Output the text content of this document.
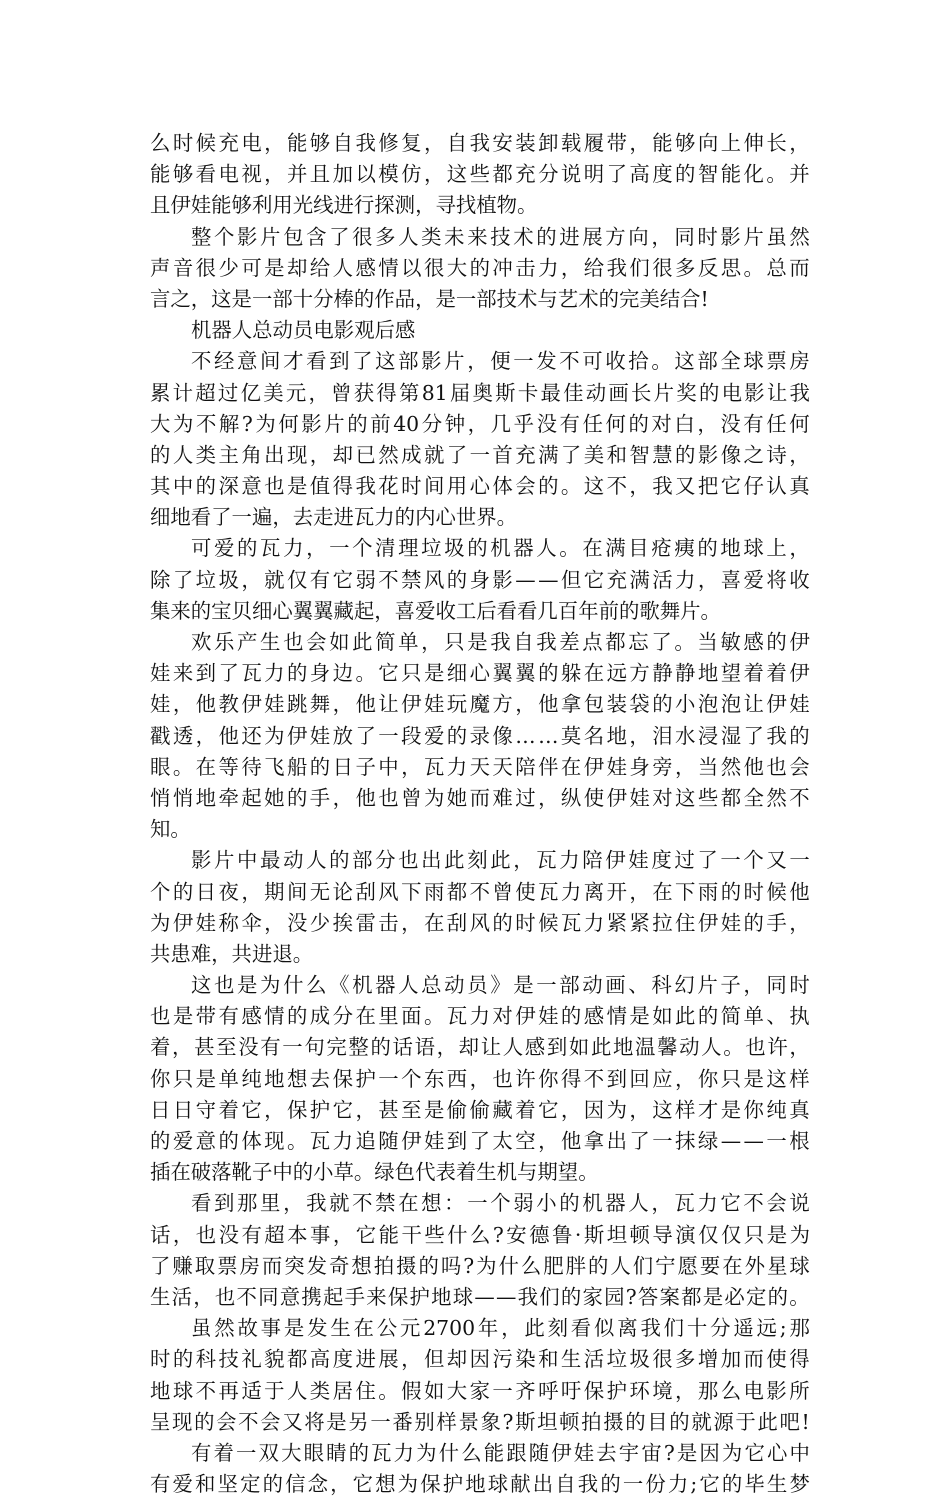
么 时 候 充 电 ， 能 够 自 我 修 复 ， 自 我 安 装 卸 载 履 带 ， 能 够 向 上 伸 长 ，
能 够 看 电 视 ， 并 且 加 以 模 仿 ， 这 些 都 充 分 说 明 了 高 度 的 智 能 化 。 并
且伊娃能够利用光线进行探测，寻找植物。
整 个 影 片 包 含 了 很 多 人 类 未 来 技 术 的 进 展 方 向 ， 同 时 影 片 虽 然
声 音 很 少 可 是 却 给 人 感 情 以 很 大 的 冲 击 力 ， 给 我 们 很 多 反 思 。 总 而
言之，这是一部十分棒的作品，是一部技术与艺术的完美结合!
机器人总动员电影观后感
不 经 意 间 才 看 到 了 这 部 影 片 ， 便 一 发 不 可 收 拾 。 这 部 全 球 票 房
累 计 超 过 亿 美 元 ， 曾 获 得 第 81 届 奥 斯 卡 最 佳 动 画 长 片 奖 的 电 影 让 我
大 为 不 解 ? 为 何 影 片 的 前 40 分 钟 ， 几 乎 没 有 任 何 的 对 白 ， 没 有 任 何
的 人 类 主 角 出 现 ， 却 已 然 成 就 了 一 首 充 满 了 美 和 智 慧 的 影 像 之 诗 ，
其 中 的 深 意 也 是 值 得 我 花 时 间 用 心 体 会 的 。 这 不 ， 我 又 把 它 仔 认 真
细地看了一遍，去走进瓦力的内心世界。
可 爱 的 瓦 力 ， 一 个 清 理 垃 圾 的 机 器 人 。 在 满 目 疮 痍 的 地 球 上 ，
除 了 垃 圾 ， 就 仅 有 它 弱 不 禁 风 的 身 影 — — 但 它 充 满 活 力 ， 喜 爱 将 收
集来的宝贝细心翼翼藏起，喜爱收工后看看几百年前的歌舞片。
欢 乐 产 生 也 会 如 此 简 单 ， 只 是 我 自 我 差 点 都 忘 了 。 当 敏 感 的 伊
娃 来 到 了 瓦 力 的 身 边 。 它 只 是 细 心 翼 翼 的 躲 在 远 方 静 静 地 望 着 着 伊
娃 ， 他 教 伊 娃 跳 舞 ， 他 让 伊 娃 玩 魔 方 ， 他 拿 包 装 袋 的 小 泡 泡 让 伊 娃
戳 透 ， 他 还 为 伊 娃 放 了 一 段 爱 的 录 像 … … 莫 名 地 ， 泪 水 浸 湿 了 我 的
眼 。 在 等 待 飞 船 的 日 子 中 ， 瓦 力 天 天 陪 伴 在 伊 娃 身 旁 ， 当 然 他 也 会
悄 悄 地 牵 起 她 的 手 ， 他 也 曾 为 她 而 难 过 ， 纵 使 伊 娃 对 这 些 都 全 然 不
知。
影 片 中 最 动 人 的 部 分 也 出 此 刻 此 ， 瓦 力 陪 伊 娃 度 过 了 一 个 又 一
个 的 日 夜 ， 期 间 无 论 刮 风 下 雨 都 不 曾 使 瓦 力 离 开 ， 在 下 雨 的 时 候 他
为 伊 娃 称 伞 ， 没 少 挨 雷 击 ， 在 刮 风 的 时 候 瓦 力 紧 紧 拉 住 伊 娃 的 手 ，
共患难，共进退。
这 也 是 为 什 么 《 机 器 人 总 动 员 》 是 一 部 动 画 、 科 幻 片 子 ， 同 时
也 是 带 有 感 情 的 成 分 在 里 面 。 瓦 力 对 伊 娃 的 感 情 是 如 此 的 简 单 、 执
着 ， 甚 至 没 有 一 句 完 整 的 话 语 ， 却 让 人 感 到 如 此 地 温 馨 动 人 。 也 许 ，
你 只 是 单 纯 地 想 去 保 护 一 个 东 西 ， 也 许 你 得 不 到 回 应 ， 你 只 是 这 样
日 日 守 着 它 ， 保 护 它 ， 甚 至 是 偷 偷 藏 着 它 ， 因 为 ， 这 样 才 是 你 纯 真
的 爱 意 的 体 现 。 瓦 力 追 随 伊 娃 到 了 太 空 ， 他 拿 出 了 一 抹 绿 — — 一 根
插在破落靴子中的小草。绿色代表着生机与期望。
看 到 那 里 ， 我 就 不 禁 在 想 ： 一 个 弱 小 的 机 器 人 ， 瓦 力 它 不 会 说
话 ， 也 没 有 超 本 事 ， 它 能 干 些 什 么 ? 安 德 鲁 · 斯 坦 顿 导 演 仅 仅 只 是 为
了 赚 取 票 房 而 突 发 奇 想 拍 摄 的 吗 ? 为 什 么 肥 胖 的 人 们 宁 愿 要 在 外 星 球
生 活 ， 也 不 同 意 携 起 手 来 保 护 地 球 — — 我 们 的 家 园 ? 答 案 都 是 必 定 的 。
虽 然 故 事 是 发 生 在 公 元 2700 年 ， 此 刻 看 似 离 我 们 十 分 遥 远 ; 那
时 的 科 技 礼 貌 都 高 度 进 展 ， 但 却 因 污 染 和 生 活 垃 圾 很 多 增 加 而 使 得
地 球 不 再 适 于 人 类 居 住 。 假 如 大 家 一 齐 呼 吁 保 护 环 境 ， 那 么 电 影 所
呈 现 的 会 不 会 又 将 是 另 一 番 别 样 景 象 ? 斯 坦 顿 拍 摄 的 目 的 就 源 于 此 吧 !
有 着 一 双 大 眼 睛 的 瓦 力 为 什 么 能 跟 随 伊 娃 去 宇 宙 ? 是 因 为 它 心 中
有 爱 和 坚 定 的 信 念 ， 它 想 为 保 护 地 球 献 出 自 我 的 一 份 力 ; 它 的 毕 生 梦
